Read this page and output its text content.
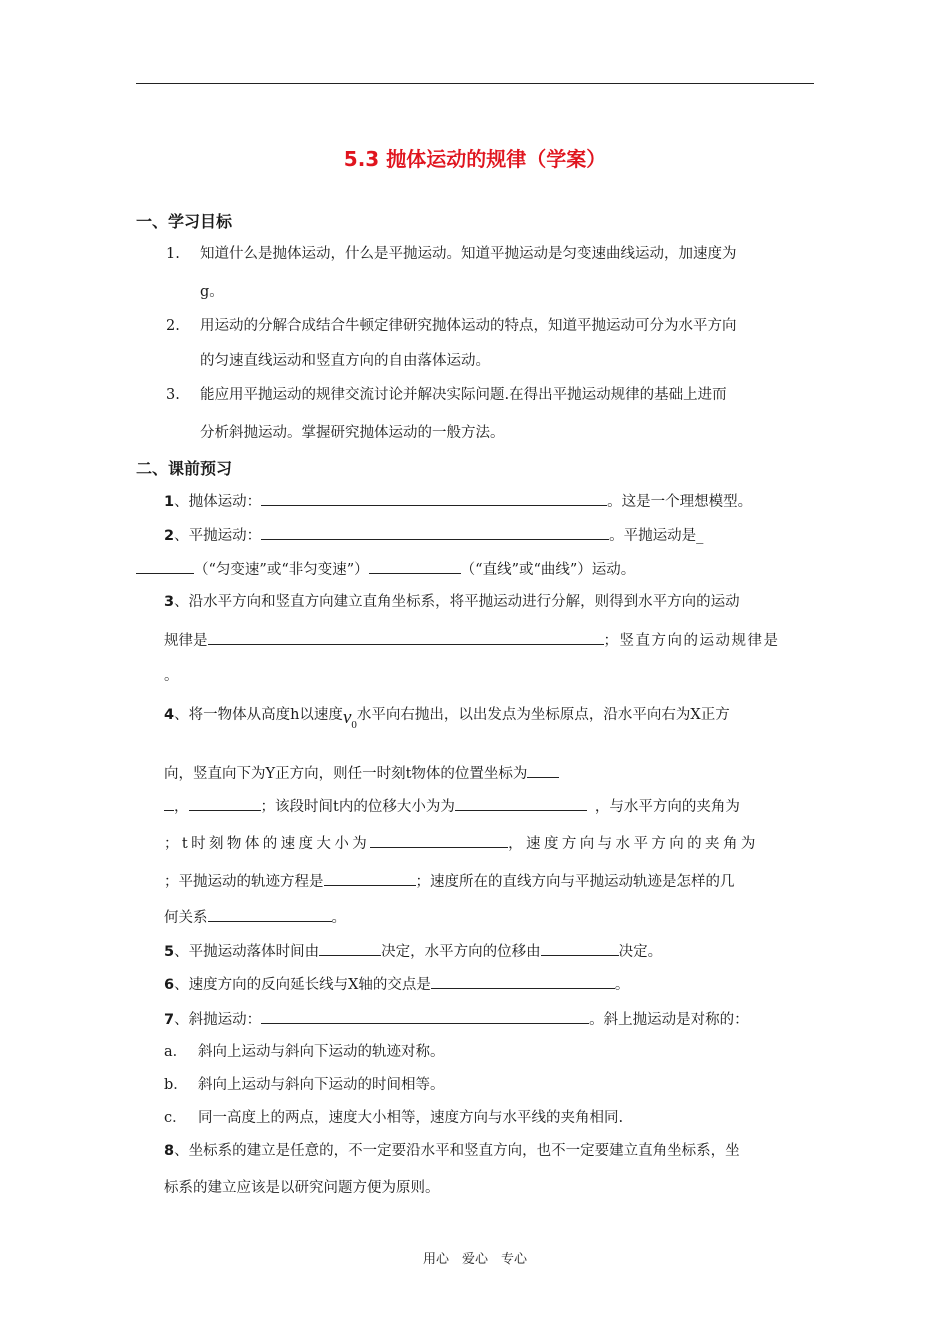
5.3 抛体运动的规律（学案）
一、学习目标
1. 知道什么是抛体运动，什么是平抛运动。知道平抛运动是匀变速曲线运动，加速度为
g。
2. 用运动的分解合成结合牛顿定律研究抛体运动的特点，知道平抛运动可分为水平方向
的匀速直线运动和竖直方向的自由落体运动。
3. 能应用平抛运动的规律交流讨论并解决实际问题.在得出平抛运动规律的基础上进而
分析斜抛运动。掌握研究抛体运动的一般方法。
二、课前预习
1、抛体运动：	。这是一个理想模型。
2、平抛运动：	。平抛运动是_
（“匀变速”或“非匀变速”）	（“直线”或“曲线”）运动。
3、沿水平方向和竖直方向建立直角坐标系，将平抛运动进行分解，则得到水平方向的运动
规律是	；竖直方向的运动规律是
。
4、将一物体从高度h以速度$v_0$水平向右抛出，以出发点为坐标原点，沿水平向右为X正方
向，竖直向下为Y正方向，则任一时刻t物体的位置坐标为
，	；该段时间t内的位移大小为为	，与水平方向的夹角为
；t时刻物体的速度大小为	，速度方向与水平方向的夹角为
；平抛运动的轨迹方程是	；速度所在的直线方向与平抛运动轨迹是怎样的几
何关系	。
5、平抛运动落体时间由	决定，水平方向的位移由	决定。
6、速度方向的反向延长线与X轴的交点是	。
7、斜抛运动：	。斜上抛运动是对称的：
a． 斜向上运动与斜向下运动的轨迹对称。
b． 斜向上运动与斜向下运动的时间相等。
c． 同一高度上的两点，速度大小相等，速度方向与水平线的夹角相同.
8、坐标系的建立是任意的，不一定要沿水平和竖直方向，也不一定要建立直角坐标系，坐
标系的建立应该是以研究问题方便为原则。
用心　爱心　专心
